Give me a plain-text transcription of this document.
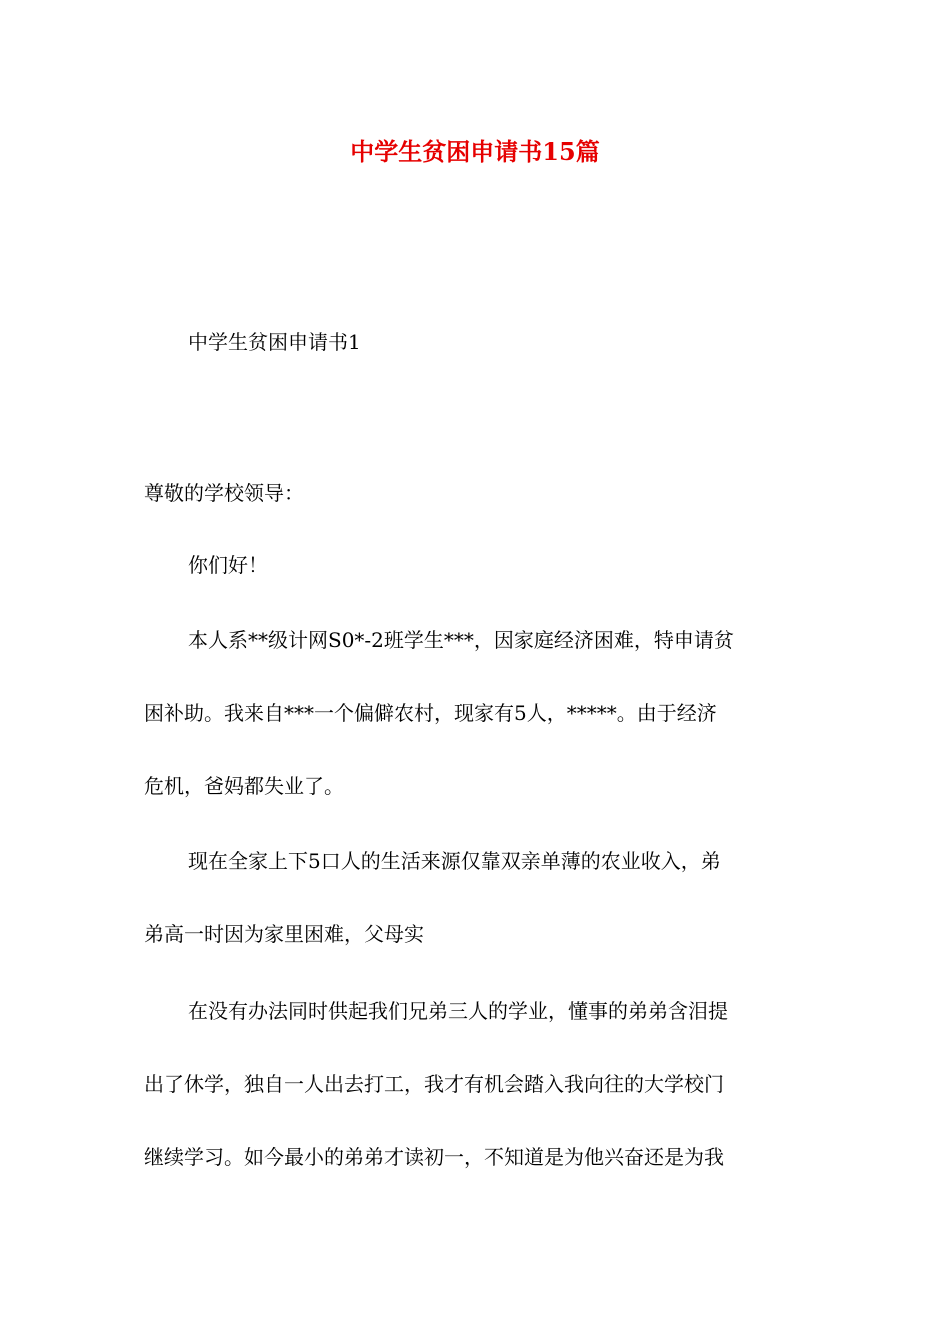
中学生贫困申请书15篇
中学生贫困申请书1
尊敬的学校领导：
你们好！
本人系**级计网S0*-2班学生***，因家庭经济困难，特申请贫
困补助。我来自***一个偏僻农村，现家有5人，*****。由于经济
危机，爸妈都失业了。
现在全家上下5口人的生活来源仅靠双亲单薄的农业收入，弟
弟高一时因为家里困难，父母实
在没有办法同时供起我们兄弟三人的学业，懂事的弟弟含泪提
出了休学，独自一人出去打工，我才有机会踏入我向往的大学校门
继续学习。如今最小的弟弟才读初一，不知道是为他兴奋还是为我
